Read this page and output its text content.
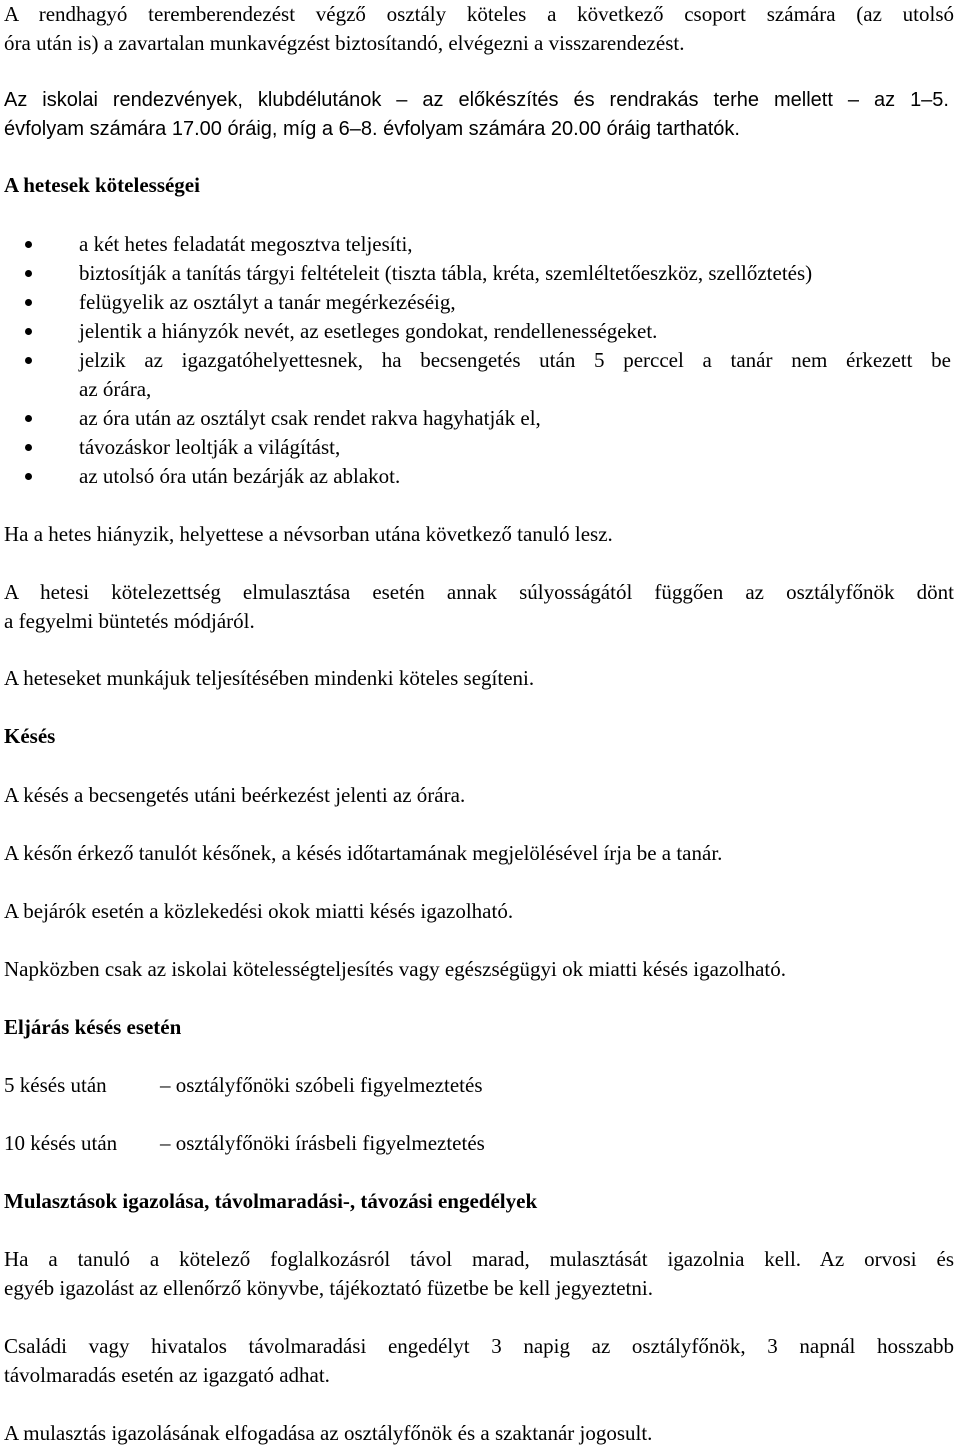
A rendhagyó teremberendezést végző osztály köteles a következő csoport számára (az utolsó
óra után is) a zavartalan munkavégzést biztosítandó, elvégezni a visszarendezést.
Az iskolai rendezvények, klubdélutánok – az előkészítés és rendrakás terhe mellett – az 1–5.
évfolyam számára 17.00 óráig, míg a 6–8. évfolyam számára 20.00 óráig tarthatók.
A hetesek kötelességei
a két hetes feladatát megosztva teljesíti,
biztosítják a tanítás tárgyi feltételeit (tiszta tábla, kréta, szemléltetőeszköz, szellőztetés)
felügyelik az osztályt a tanár megérkezéséig,
jelentik a hiányzók nevét, az esetleges gondokat, rendellenességeket.
jelzik az igazgatóhelyettesnek, ha becsengetés után 5 perccel a tanár nem érkezett be
az órára,
az óra után az osztályt csak rendet rakva hagyhatják el,
távozáskor leoltják a világítást,
az utolsó óra után bezárják az ablakot.
Ha a hetes hiányzik, helyettese a névsorban utána következő tanuló lesz.
A hetesi kötelezettség elmulasztása esetén annak súlyosságától függően az osztályfőnök dönt
a fegyelmi büntetés módjáról.
A heteseket munkájuk teljesítésében mindenki köteles segíteni.
Késés
A késés a becsengetés utáni beérkezést jelenti az órára.
A későn érkező tanulót későnek, a késés időtartamának megjelölésével írja be a tanár.
A bejárók esetén a közlekedési okok miatti késés igazolható.
Napközben csak az iskolai kötelességteljesítés vagy egészségügyi ok miatti késés igazolható.
Eljárás késés esetén
5 késés után	– osztályfőnöki szóbeli figyelmeztetés
10 késés után – osztályfőnöki írásbeli figyelmeztetés
Mulasztások igazolása, távolmaradási-, távozási engedélyek
Ha a tanuló a kötelező foglalkozásról távol marad, mulasztását igazolnia kell. Az orvosi és
egyéb igazolást az ellenőrző könyvbe, tájékoztató füzetbe be kell jegyeztetni.
Családi vagy hivatalos távolmaradási engedélyt 3 napig az osztályfőnök, 3 napnál hosszabb
távolmaradás esetén az igazgató adhat.
A mulasztás igazolásának elfogadása az osztályfőnök és a szaktanár jogosult.
